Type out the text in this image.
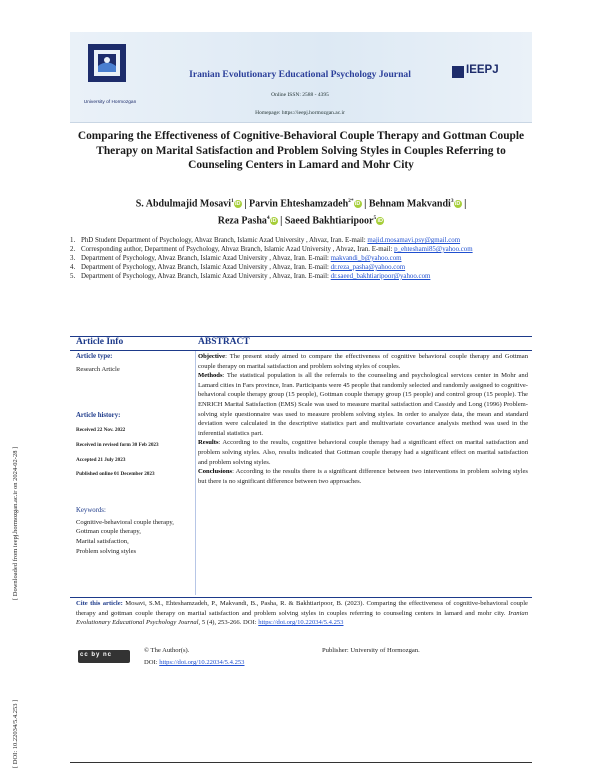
University of Hormozgan
Iranian Evolutionary Educational Psychology Journal
Online ISSN: 2588 - 4395
Homepage: https://ieepj.hormozgan.ac.ir
IEEPJ
Comparing the Effectiveness of Cognitive-Behavioral Couple Therapy and Gottman Couple Therapy on Marital Satisfaction and Problem Solving Styles in Couples Referring to Counseling Centers in Lamard and Mohr City
S. Abdulmajid Mosavi$^1$iD | Parvin Ehteshamzadeh$^{2*}$iD | Behnam Makvandi$^3$iD |
Reza Pasha$^4$iD | Saeed Bakhtiaripoor$^5$iD

1. PhD Student Department of Psychology, Ahvaz Branch, Islamic Azad University , Ahvaz, Iran. E-mail: majid.mosamavi.psy@gmail.com

2. Corresponding author, Department of Psychology, Ahvaz Branch, Islamic Azad University , Ahvaz, Iran. E-mail: p_ehteshami85@yahoo.com

3. Department of Psychology, Ahvaz Branch, Islamic Azad University , Ahvaz, Iran. E-mail: makvandi_b@yahoo.com

4. Department of Psychology, Ahvaz Branch, Islamic Azad University , Ahvaz, Iran. E-mail: dr.reza_pasha@yahoo.com

5. Department of Psychology, Ahvaz Branch, Islamic Azad University , Ahvaz, Iran. E-mail: dr.saeed_bakhtiaripoor@yahoo.com

Article Info	ABSTRACT
Article type:
Research Article
Article history:
Received 22 Nov. 2022
Received in revised form 30 Feb 2023
Accepted 21 July 2023
Published online 01 December 2023
Keywords:
Cognitive-behavioral couple therapy,
Gottman couple therapy,
Marital satisfaction,
Problem solving styles

Objective: The present study aimed to compare the effectiveness of cognitive behavioral couple therapy and Gottman couple therapy on marital satisfaction and problem solving styles of couples.

Methods: The statistical population is all the referrals to the counseling and psychological services center in Mohr and Lamard cities in Fars province, Iran. Participants were 45 people that randomly selected and randomly assigned to cognitive-behavioral couple therapy group (15 people), Gottman couple therapy group (15 people) and control group (15 people). The ENRICH Marital Satisfaction (EMS) Scale was used to measure marital satisfaction and Cassidy and Long (1996) Problem-solving style questionnaire was used to measure problem solving styles. In order to analyze data, the mean and standard deviation were calculated in the descriptive statistics part and multivariate covariance analysis method was used in the inferential statistics part.

Results: According to the results, cognitive behavioral couple therapy had a significant effect on marital satisfaction and problem solving styles. Also, results indicated that Gottman couple therapy had a significant effect on marital satisfaction and problem solving styles.

Conclusions: According to the results there is a significant difference between two interventions in problem solving styles but there is no significant difference between two approaches.

Cite this article: Mosavi, S.M., Ehteshamzadeh, P., Makvandi, B., Pasha, R. & Bakhtiaripoor, B. (2023). Comparing the effectiveness of cognitive-behavioral couple therapy and gottman couple therapy on marital satisfaction and problem solving styles in couples referring to counseling centers in lamard and mohr city. Iranian Evolutionary Educational Psychology Journal, 5 (4), 253-266. DOI: https://doi.org/10.22034/5.4.253
cc by nc
© The Author(s).	Publisher: University of Hormozgan.
DOI: https://doi.org/10.22034/5.4.253
[ DOI: 10.22034/5.4.253 ]
[ Downloaded from ieepj.hormozgan.ac.ir on 2024-02-28 ]
